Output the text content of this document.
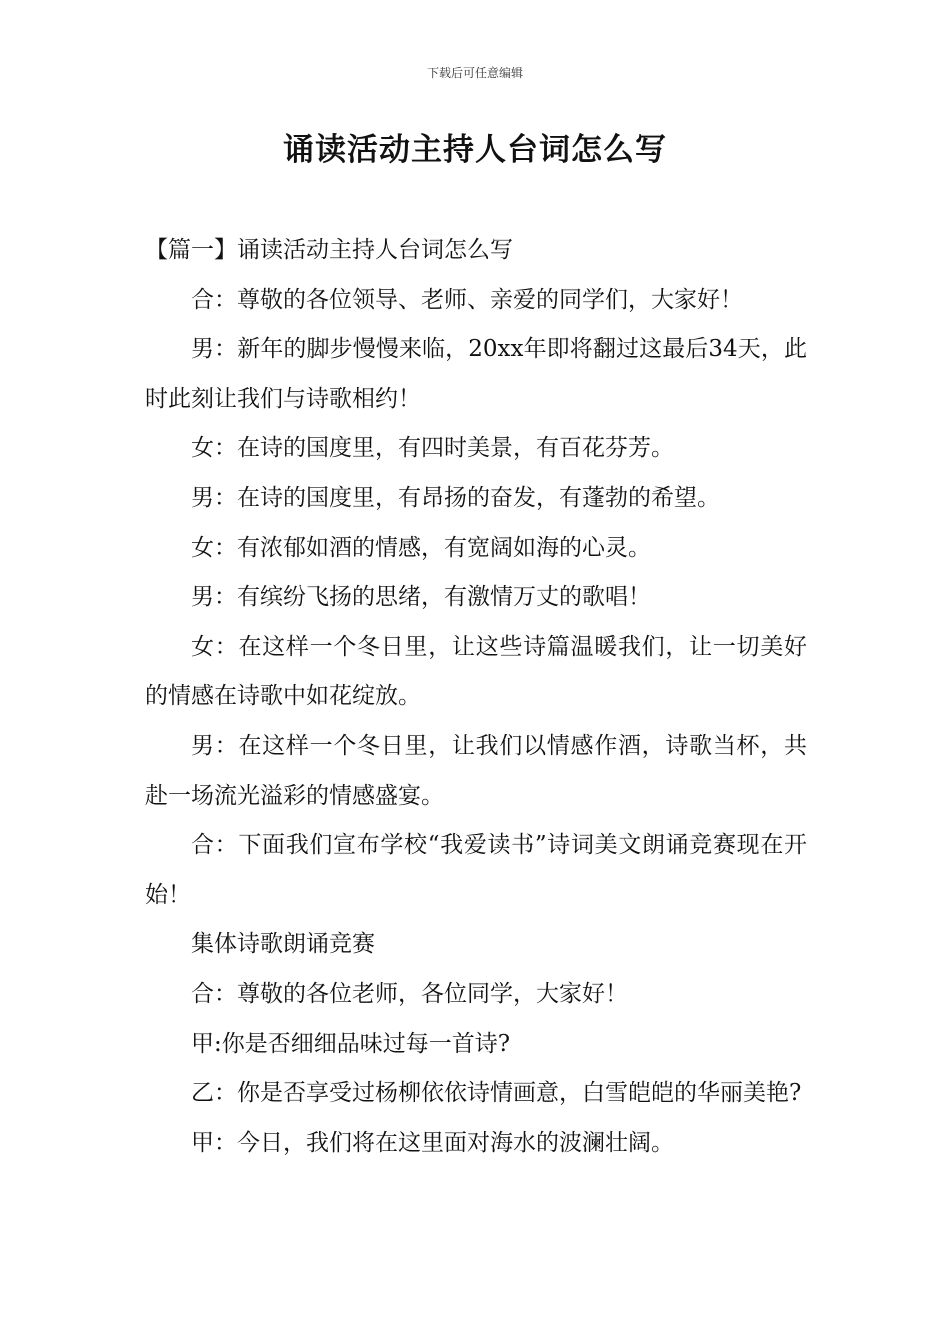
下载后可任意编辑
诵读活动主持人台词怎么写

【篇一】诵读活动主持人台词怎么写

合：尊敬的各位领导、老师、亲爱的同学们，大家好！

男：新年的脚步慢慢来临，20xx年即将翻过这最后34天，此时此刻让我们与诗歌相约！

女：在诗的国度里，有四时美景，有百花芬芳。

男：在诗的国度里，有昂扬的奋发，有蓬勃的希望。

女：有浓郁如酒的情感，有宽阔如海的心灵。

男：有缤纷飞扬的思绪，有激情万丈的歌唱！

女：在这样一个冬日里，让这些诗篇温暖我们，让一切美好的情感在诗歌中如花绽放。

男：在这样一个冬日里，让我们以情感作酒，诗歌当杯，共赴一场流光溢彩的情感盛宴。

合：下面我们宣布学校“我爱读书”诗词美文朗诵竞赛现在开始！

集体诗歌朗诵竞赛

合：尊敬的各位老师，各位同学，大家好！

甲:你是否细细品味过每一首诗?

乙：你是否享受过杨柳依依诗情画意，白雪皑皑的华丽美艳?

甲：今日，我们将在这里面对海水的波澜壮阔。
